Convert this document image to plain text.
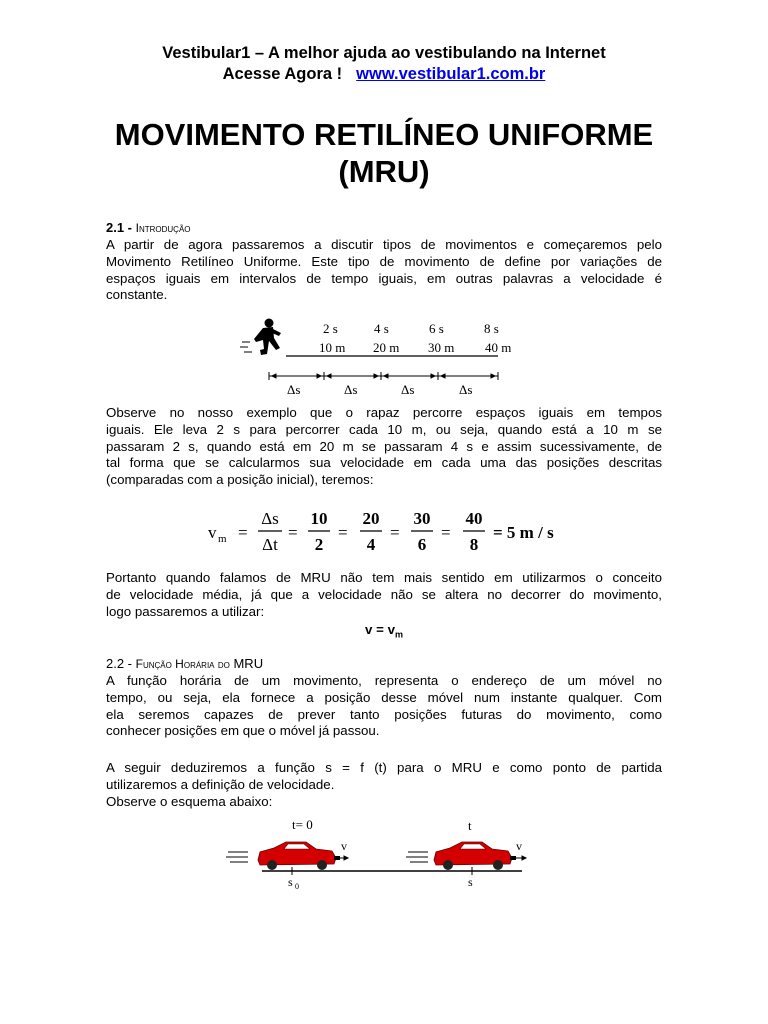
Vestibular1 – A melhor ajuda ao vestibulando na Internet
Acesse Agora ! www.vestibular1.com.br
MOVIMENTO RETILÍNEO UNIFORME
(MRU)
2.1 - Introdução
A partir de agora passaremos a discutir tipos de movimentos e começaremos pelo
Movimento Retilíneo Uniforme. Este tipo de movimento de define por variações de
espaços iguais em intervalos de tempo iguais, em outras palavras a velocidade é
constante.
2 s	4 s	6 s	8 s
10 m 20 m 30 m 40 m
Δs	Δs	Δs	Δs
Observe no nosso exemplo que o rapaz percorre espaços iguais em tempos
iguais. Ele leva 2 s para percorrer cada 10 m, ou seja, quando está a 10 m se
passaram 2 s, quando está em 20 m se passaram 4 s e assim sucessivamente, de
tal forma que se calcularmos sua velocidade em cada uma das posições descritas
(comparadas com a posição inicial), teremos:
v m =
Δs
Δt
=
10
2
=
20
4
=
30
6
=
40
8
= 5 m / s
Portanto quando falamos de MRU não tem mais sentido em utilizarmos o conceito
de velocidade média, já que a velocidade não se altera no decorrer do movimento,
logo passaremos a utilizar:
$v = v_m$
2.2 - Função Horária do MRU
A função horária de um movimento, representa o endereço de um móvel no
tempo, ou seja, ela fornece a posição desse móvel num instante qualquer. Com
ela seremos capazes de prever tanto posições futuras do movimento, como
conhecer posições em que o móvel já passou.
A seguir deduziremos a função s = f (t) para o MRU e como ponto de partida
utilizaremos a definição de velocidade.
Observe o esquema abaixo:
t= 0	t
v	v
s 0	s
